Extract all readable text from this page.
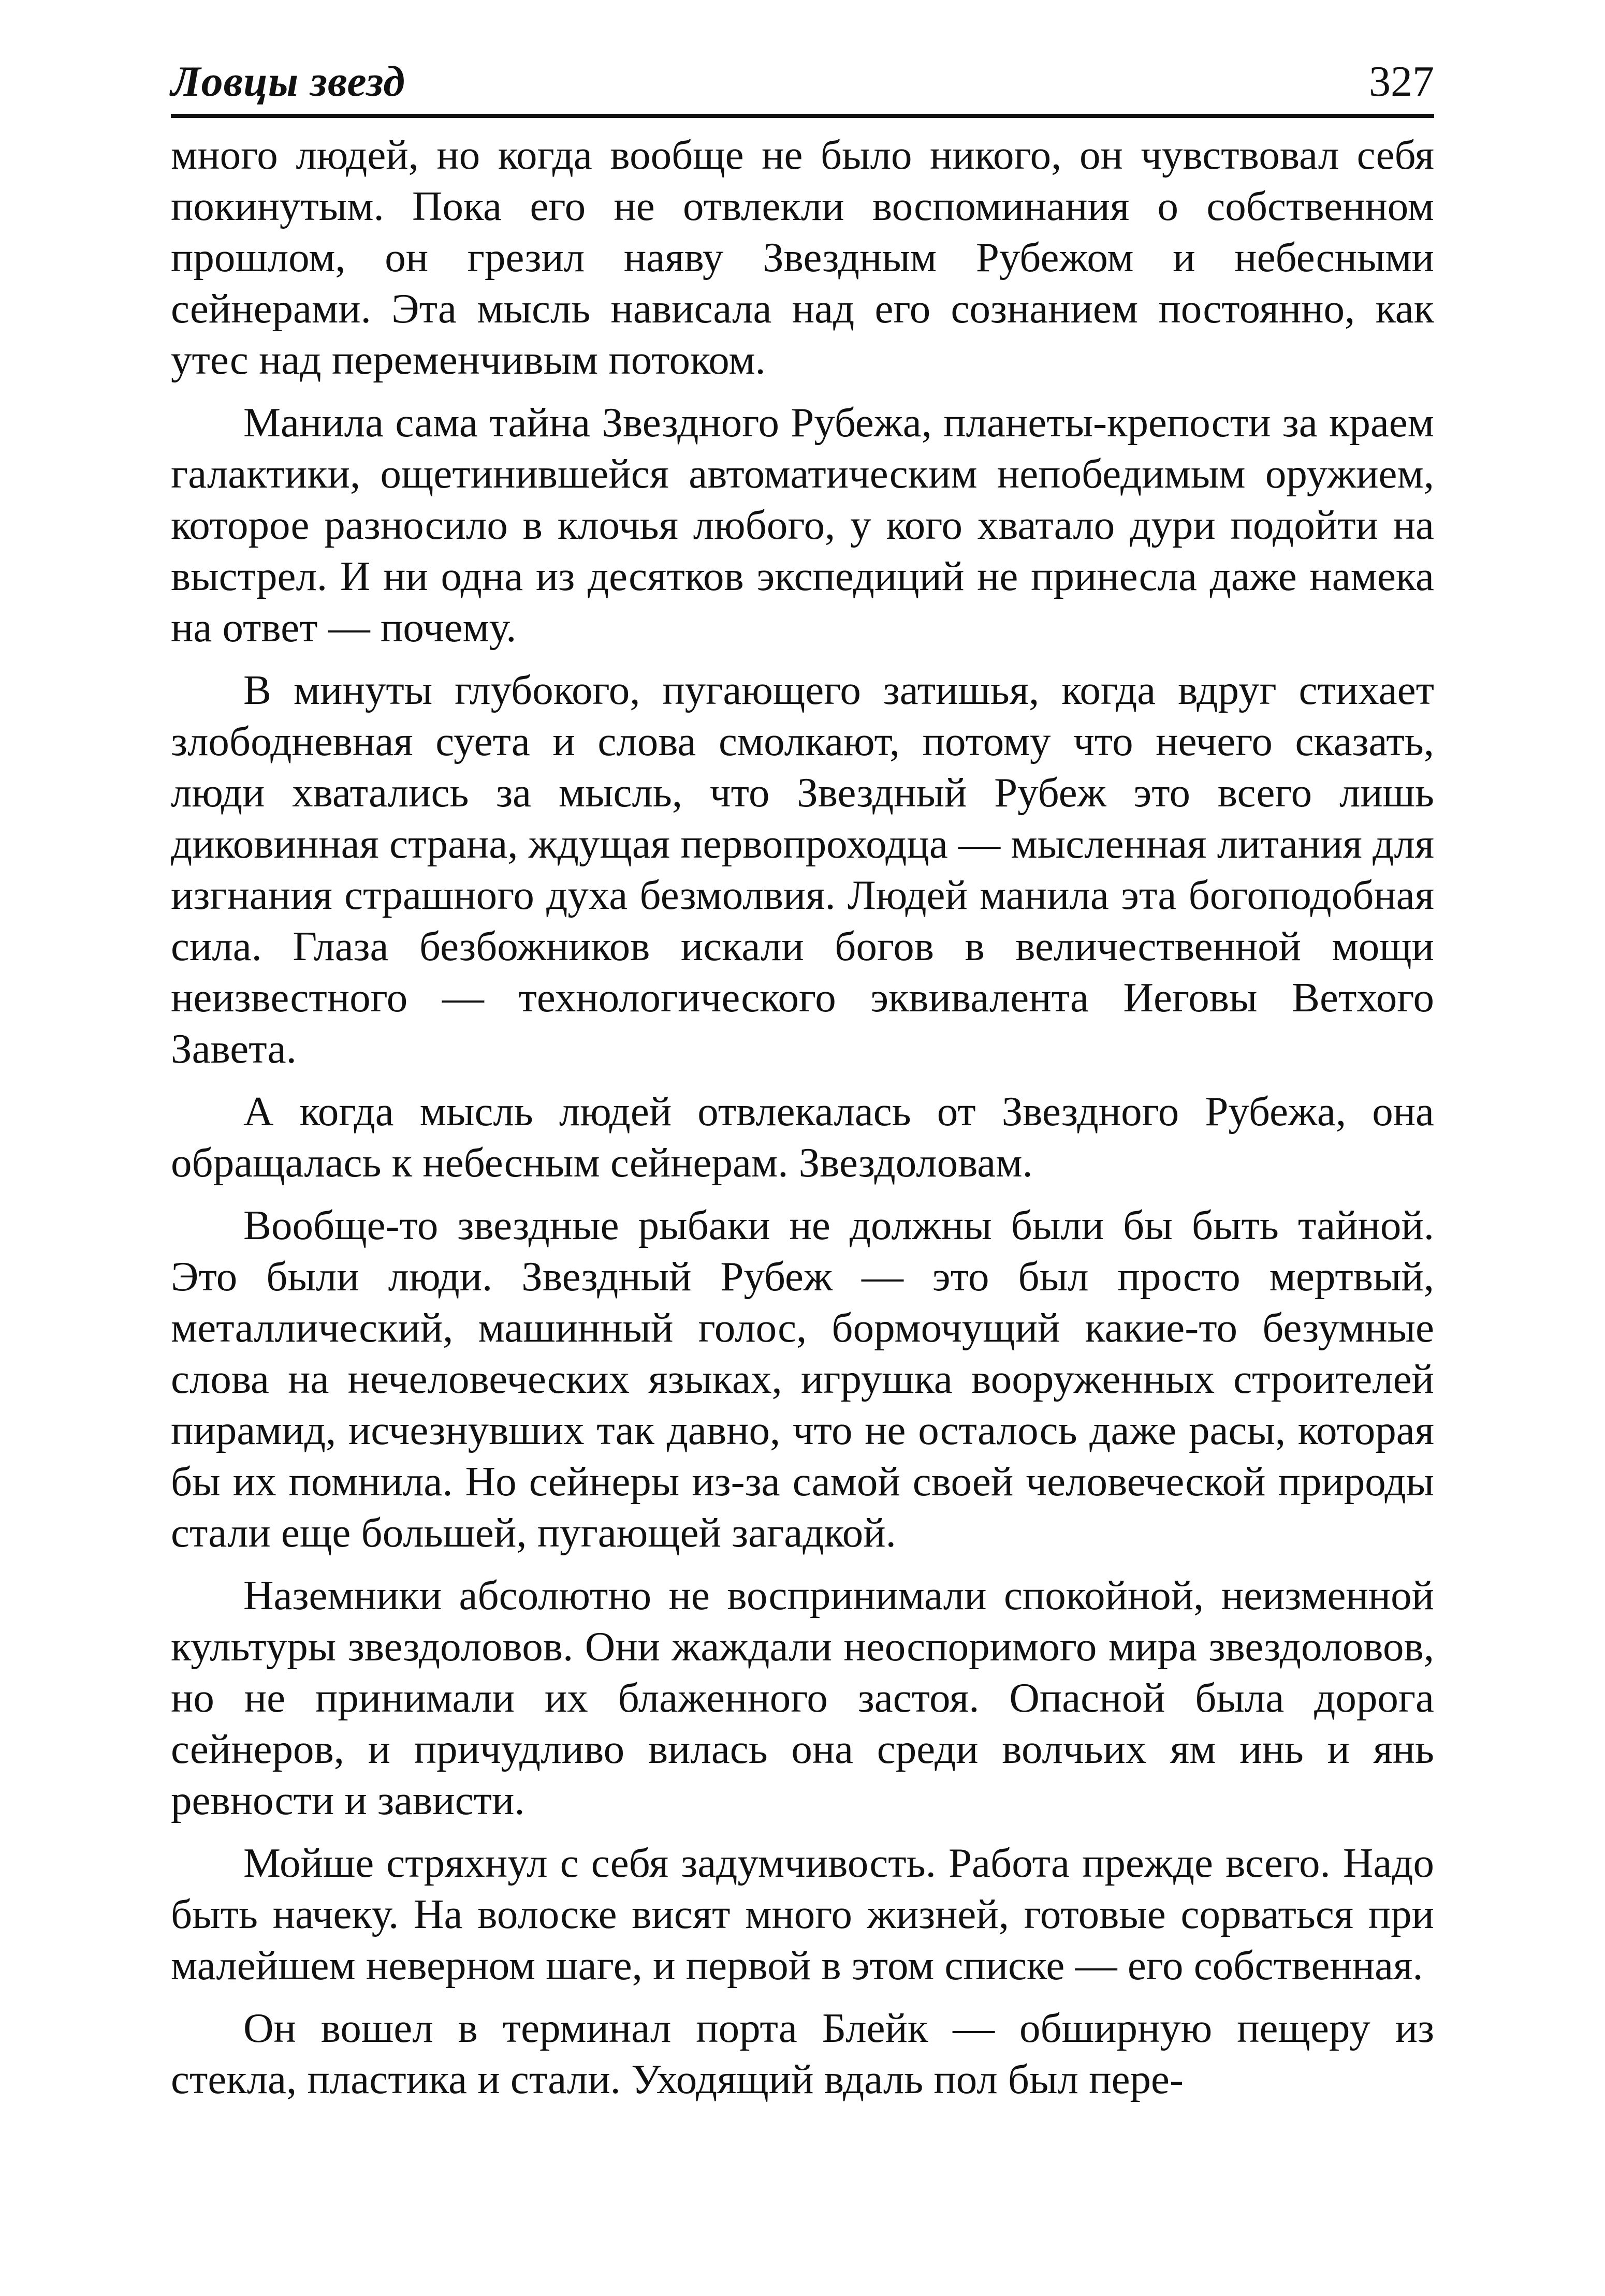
Ловцы звезд	327

много людей, но когда вообще не было никого, он чувствовал себя покинутым. Пока его не отвлекли воспоминания о собственном прошлом, он грезил наяву Звездным Рубежом и небесными сейнерами. Эта мысль нависала над его сознанием постоянно, как утес над переменчивым потоком.

Манила сама тайна Звездного Рубежа, планеты-крепости за краем галактики, ощетинившейся автоматическим непобедимым оружием, которое разносило в клочья любого, у кого хватало дури подойти на выстрел. И ни одна из десятков экспедиций не принесла даже намека на ответ — почему.

В минуты глубокого, пугающего затишья, когда вдруг стихает злободневная суета и слова смолкают, потому что нечего сказать, люди хватались за мысль, что Звездный Рубеж это всего лишь диковинная страна, ждущая первопроходца — мысленная литания для изгнания страшного духа безмолвия. Людей манила эта богоподобная сила. Глаза безбожников искали богов в величественной мощи неизвестного — технологического эквивалента Иеговы Ветхого Завета.

А когда мысль людей отвлекалась от Звездного Рубежа, она обращалась к небесным сейнерам. Звездоловам.

Вообще-то звездные рыбаки не должны были бы быть тайной. Это были люди. Звездный Рубеж — это был просто мертвый, металлический, машинный голос, бормочущий какие-то безумные слова на нечеловеческих языках, игрушка вооруженных строителей пирамид, исчезнувших так давно, что не осталось даже расы, которая бы их помнила. Но сейнеры из-за самой своей человеческой природы стали еще большей, пугающей загадкой.

Наземники абсолютно не воспринимали спокойной, неизменной культуры звездоловов. Они жаждали неоспоримого мира звездоловов, но не принимали их блаженного застоя. Опасной была дорога сейнеров, и причудливо вилась она среди волчьих ям инь и янь ревности и зависти.

Мойше стряхнул с себя задумчивость. Работа прежде всего. Надо быть начеку. На волоске висят много жизней, готовые сорваться при малейшем неверном шаге, и первой в этом списке — его собственная.

Он вошел в терминал порта Блейк — обширную пещеру из стекла, пластика и стали. Уходящий вдаль пол был пере-
